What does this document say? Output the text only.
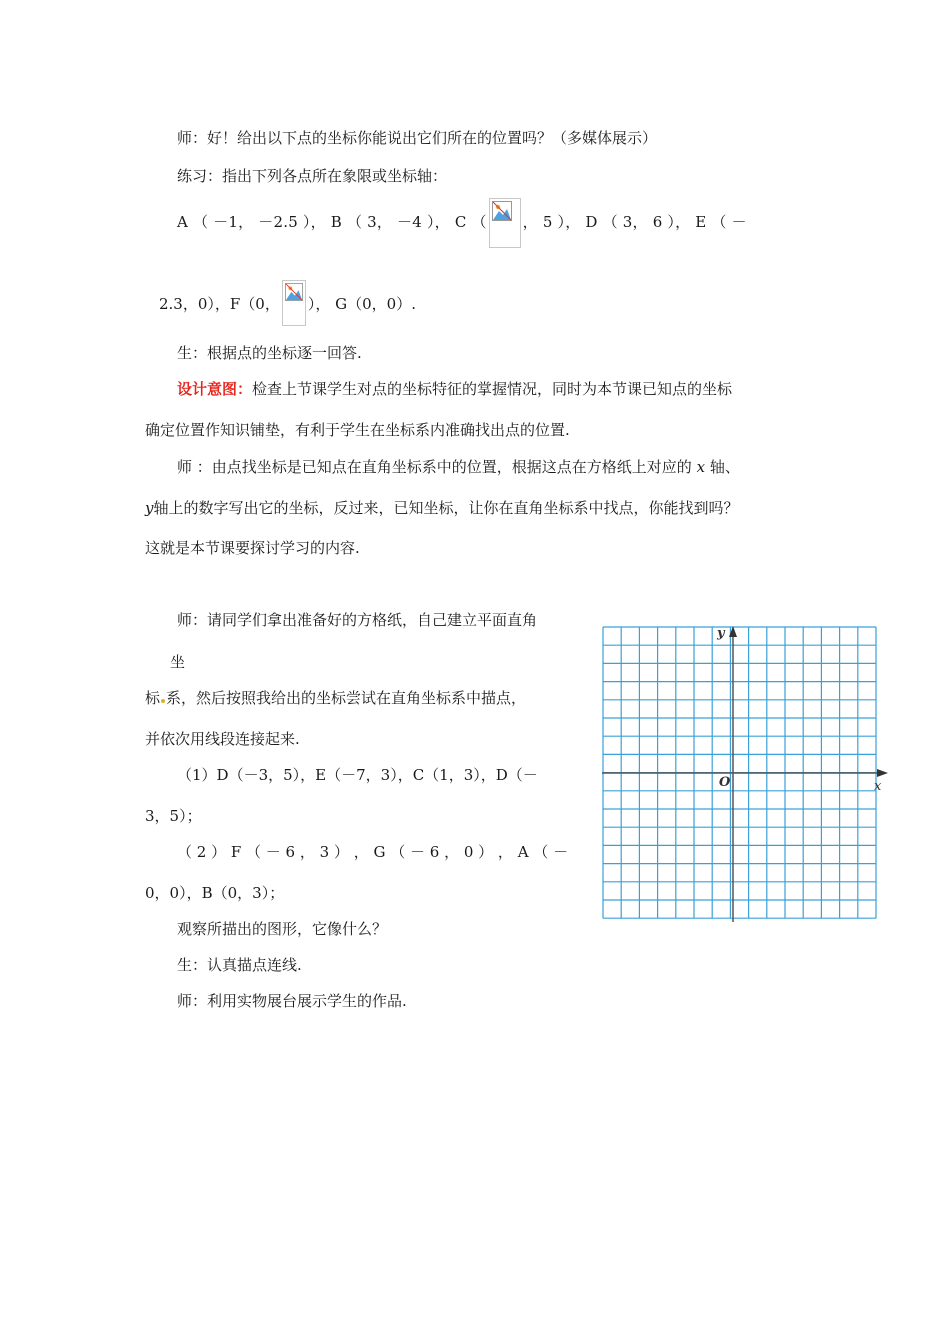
师：好！给出以下点的坐标你能说出它们所在的位置吗？（多媒体展示）
练习：指出下列各点所在象限或坐标轴：
A （ －1， －2.5 ）， B （ 3， －4 ）， C （ ， 5 ）， D （ 3， 6 ）， E （ －
2.3，0），F（0， ）， G（0，0）.
生：根据点的坐标逐一回答.
设计意图：检查上节课学生对点的坐标特征的掌握情况，同时为本节课已知点的坐标
确定位置作知识铺垫，有利于学生在坐标系内准确找出点的位置.
师 ：由点找坐标是已知点在直角坐标系中的位置，根据这点在方格纸上对应的 x 轴、
y轴上的数字写出它的坐标，反过来，已知坐标，让你在直角坐标系中找点，你能找到吗？
这就是本节课要探讨学习的内容.
师：请同学们拿出准备好的方格纸，自己建立平面直角
坐
标 系，然后按照我给出的坐标尝试在直角坐标系中描点，
并依次用线段连接起来.
（1）D（－3，5），E（－7，3），C（1，3），D（－
3，5）；
（ 2 ） F （ － 6 ， 3 ） ， G （ － 6 ， 0 ） ， A （ －
0，0），B（0，3）；
观察所描出的图形，它像什么？
生：认真描点连线.
师：利用实物展台展示学生的作品.
y
x
O
